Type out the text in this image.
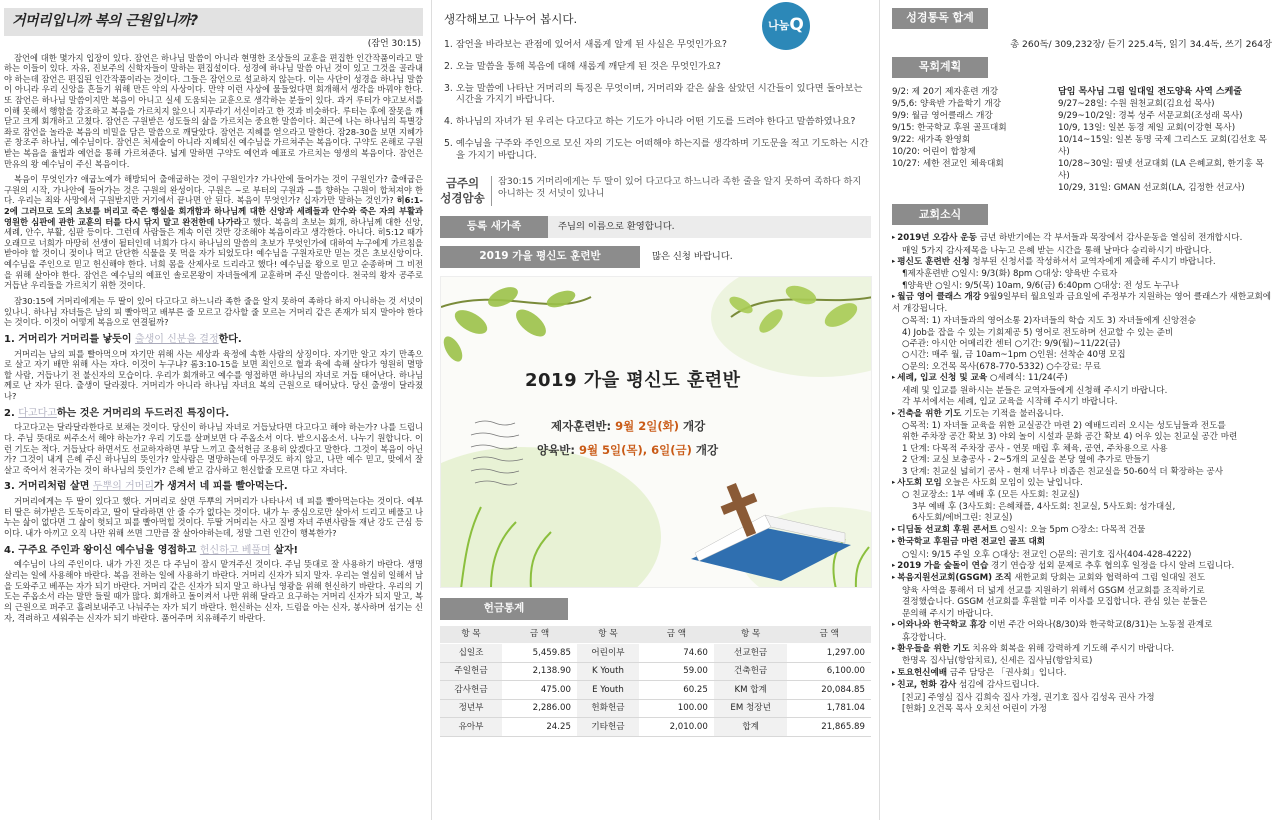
거머리입니까 복의 근원입니까?
(잠언 30:15)

잠언에 대한 몇가지 입장이 있다. 잠언은 하나님 말씀이 아니라 현명한 조상들의 교훈을 편집한 인간작품이라고 말하는 이들이 있다. 자유, 진보주의 신학자들이 말하는 편집설이다. 성경에 하나님 말씀 아닌 것이 있고 그것을 골라내야 하는데 잠언은 편집된 인간작품이라는 것이다. 그들은 잠언으로 설교하지 않는다. 이는 사단이 성경을 하나님 말씀이 아니라 우리 신앙을 흔들기 위해 만든 악의 사상이다. 만약 이런 사상에 물들었다면 회개해서 생각을 바꿔야 한다. 또 잠언은 하나님 말씀이지만 복음이 아니고 실세 도움되는 교훈으로 생각하는 분들이 있다. 과거 루터가 야고보서를 이해 못해서 행함을 강조하고 복음을 가르치지 않으니 지푸라기 서신이라고 한 것과 비슷하다. 루터는 후에 잘못을 깨닫고 크게 회개하고 고쳤다. 잠언은 구원받은 성도들의 삶을 가르치는 중요한 말씀이다. 최근에 나는 하나님의 특별강좌로 잠언을 놀라운 복음의 비밀을 담은 말씀으로 깨달았다. 잠언은 지혜를 얻으라고 말한다. 잠28-30을 보면 지혜가 곧 창조주 하나님, 예수님이다. 잠언은 처세술이 아니라 지혜되신 예수님을 가르쳐주는 복음이다. 구약도 온해로 구원받는 복음을 율법과 예언을 통해 가르쳐준다. 넓게 말하면 구약도 예언과 예표로 가르치는 영생의 복음이다. 잠언은 만유의 왕 예수님이 주신 복음이다.

복음이 무엇인가? 애굽노예가 해방되어 출애굽하는 것이 구원인가? 가나안에 들어가는 것이 구원인가? 출애굽은 구원의 시작, 가나안에 들어가는 것은 구원의 완성이다. 구원은 ~로 부터의 구원과 ~를 향하는 구원이 합쳐져야 한다. 우리는 죄와 사망에서 구원받지만 거기에서 끝나면 안 된다. 복음이 무엇인가? 십자가만 말하는 것인가? 히6:1-2에 그러므로 도의 초보를 버리고 죽은 행실을 회개함과 하나님께 대한 신앙과 세례들과 안수와 죽은 자의 부활과 영원한 심판에 관한 교훈의 터를 다시 닦지 말고 완전한데 나가라고 했다. 복음의 초보는 회개, 하나님께 대한 신앙, 세례, 안수, 부활, 심판 등이다. 그런데 사람들은 계속 이런 것만 강조해야 복음이라고 생각한다. 아니다. 히5:12 때가 오래므로 너희가 마땅히 선생이 될터인데 너희가 다시 하나님의 말씀의 초보가 무엇인가에 대하여 누구에게 가르침을 받아야 할 것이니 젖이나 먹고 단단한 식물을 못 먹을 자가 되었도다! 예수님을 구원자로만 믿는 것은 초보신앙이다. 예수님을 주인으로 믿고 헌신해야 한다. 너희 몸을 산제사로 드리라고 했다! 예수님을 왕으로 믿고 순종하며 그 비전을 위해 살아야 한다. 잠언은 예수님의 예표인 솔로몬왕이 자녀들에게 교훈하며 주신 말씀이다. 천국의 왕자 공주로 거듭난 우리들을 가르치기 위한 것이다.

잠30:15에 거머리에게는 두 딸이 있어 다고다고 하느니라 족한 줄을 알지 못하여 족하다 하지 아니하는 것 서넛이 있나니. 하나님 자녀들은 남의 피 빨아먹고 배부른 줄 모르고 감사할 줄 모르는 거머리 같은 존재가 되지 말아야 한다는 것이다. 이것이 어떻게 복음으로 연결될까?

1. 거머리가 거머리를 낳듯이 출생이 신분을 결정한다.

거머리는 남의 피를 빨아먹으며 자기만 위해 사는 세상과 육정에 속한 사람의 상징이다. 자기만 알고 자기 만족으로 살고 자기 배만 위해 사는 자다. 이것이 누구냐? 롬3:10-15을 보면 죄인으로 혈과 육에 속해 살다가 영원히 멸망할 사람, 거듭나기 전 불신자의 모습이다. 우리가 회개하고 예수를 영접하면 하나님의 자녀로 거듭 태어난다. 하나님께로 난 자가 된다. 출생이 달라졌다. 거머리가 아니라 하나님 자녀요 복의 근원으로 태어났다. 당신 출생이 달라졌나?

2. 다고다고하는 것은 거머리의 두드러진 특징이다.

다고다고는 달라달라한다로 보채는 것이다. 당신이 하나님 자녀로 거듭났다면 다고다고 해야 하는가? 나를 드립니다. 주님 뜻대로 써주소서 해야 하는가? 우리 기도를 살펴보면 다 주옵소서 이다. 받으시옵소서. 나누기 원합니다. 이런 기도는 적다. 거듭났다 하면서도 선교하자하면 부담 느끼고 출석헌금 조용히 앉겠다고 말한다. 그것이 복음이 아닌가? 그것이 내게 은혜 주신 하나님의 뜻인가? 앞사람은 멸망하는데 아무것도 하지 않고, 나만 예수 믿고, 맞에서 잘 살고 죽어서 천국가는 것이 하나님의 뜻인가? 은혜 받고 감사하고 헌신할줄 모르면 다고 자녀다.

3. 거머리처럼 살면 두뿌의 거머리가 생겨서 네 피를 빨아먹는다.

거머리에게는 두 딸이 있다고 했다. 거머리로 살면 두뿌의 거머리가 나타나서 네 피를 빨아먹는다는 것이다. 예부터 딸은 허가받은 도둑이라고, 딸이 달라하면 안 줄 수가 없다는 것이다. 내가 누 중심으로만 살아서 드리고 베풀고 나누는 삶이 없다면 그 삶이 헛되고 피를 빨아먹힐 것이다. 두딸 거머리는 사고 질병 자녀 주변사람들 재난 강도 근심 등이다. 내가 아끼고 오직 나만 위해 쓰면 그만큼 잘 살아야하는데, 정말 그런 인간이 행복한가?

4. 구주요 주인과 왕이신 예수님을 영접하고 헌신하고 베풀며 살자!

예수님이 나의 주인이다. 내가 가진 것은 다 주님이 잠시 맡겨주신 것이다. 주님 뜻대로 잘 사용하기 바란다. 생명 살리는 일에 사용해야 바란다. 복음 전하는 일에 사용하기 바란다. 거머리 신자가 되지 말자. 우리는 열심히 일해서 남을 도와주고 베푸는 자가 되기 바란다. 거머리 같은 신자가 되지 말고 하나님 영광을 위해 헌신하기 바란다. 우리의 기도는 주옵소서 라는 말만 들릴 때가 많다. 회개하고 돌이켜서 나만 위해 달라고 요구하는 거머리 신자가 되지 말고, 복의 근원으로 퍼주고 흘려보내주고 나눠주는 자가 되기 바란다. 헌신하는 신자, 드림을 아는 신자, 봉사하며 섬기는 신자, 격려하고 세워주는 신자가 되기 바란다. 품어주며 치유해주기 바란다.

나눔 Q
생각해보고 나누어 봅시다.
1. 잠언을 바라보는 관점에 있어서 새롭게 알게 된 사실은 무엇인가요?
2. 오늘 말씀을 통해 복음에 대해 새롭게 깨닫게 된 것은 무엇인가요?
3. 오늘 말씀에 나타난 거머리의 특징은 무엇이며, 거머리와 같은 삶을 살았던 시간들이 있다면 돌아보는 시간을 가지기 바랍니다.
4. 하나님의 자녀가 된 우리는 다고다고 하는 기도가 아니라 어떤 기도를 드려야 한다고 말씀하였나요?
5. 예수님을 구주와 주인으로 모신 자의 기도는 어떠해야 하는지를 생각하며 기도문을 적고 기도하는 시간을 가지기 바랍니다.
금주의
성경암송
잠30:15 거머리에게는 두 딸이 있어 다고다고 하느니라 족한 줄을 알지 못하여 족하다 하지 아니하는 것 서넛이 있나니
등록 새가족	주님의 이름으로 환영합니다.
2019 가을 평신도 훈련반	많은 신청 바랍니다.
2019 가을 평신도 훈련반
제자훈련반: 9월 2일(화) 개강
양육반: 9월 5일(목), 6일(금) 개강
헌금통계
항 목	금 액	항 목	금 액	항 목	금 액
십일조	5,459.85	어린이부	74.60	선교헌금	1,297.00
주일헌금	2,138.90	K Youth	59.00	건축헌금	6,100.00
감사헌금	475.00	E Youth	60.25	KM 합계	20,084.85
정년부	2,286.00	헌화헌금	100.00	EM 청장년	1,781.04
유아부	24.25	기타헌금	2,010.00	합계	21,865.89
성경통독 합계
총 260독/ 309,232장/ 듣기 225.4독, 읽기 34.4독, 쓰기 264장
목회계획
9/2: 제 20기 제자훈련 개강
9/5,6: 양육반 가을학기 개강
9/9: 월금 영어클래스 개강
9/15: 한국학교 후원 골프대회
9/22: 새가족 환영회
10/20: 어린이 합창제
10/27: 세한 전교인 체육대회
담임 목사님 그림 일대일 전도양육 사역 스케줄
9/27~28일: 수원 원천교회(김요섭 목사)
9/29~10/2일: 경북 성주 서문교회(조성래 목사)
10/9, 13일: 일본 동경 제일 교회(이강현 목사)
10/14~15일: 일본 동명 국제 그리스도 교회(김선호 목사)
10/28~30일: 필넷 선교대회 (LA 은혜교회, 한기홍 목사)
10/29, 31일: GMAN 선교회(LA, 김정한 선교사)
교회소식
▸ 2019년 오감사 운동 금년 하반기에는 각 부서들과 목장에서 감사운동을 열심히 전개합시다.
매일 5가지 감사제목을 나누고 은혜 받는 시간을 통해 날마다 승리하시기 바랍니다.
▸ 평신도 훈련반 신청 청부된 신청서를 작성하셔서 교역자에게 제출해 주시기 바랍니다.
¶제자훈련반 ○일시: 9/3(화) 8pm ○대상: 양육반 수료자
¶양육반 ○일시: 9/5(목) 10am, 9/6(금) 6:40pm ○대상: 전 성도 누구나
▸ 월금 영어 클래스 개강 9월9일부터 월요일과 금요일에 주정부가 지원하는 영어 클래스가 새한교회에서 개강됩니다.
○목적: 1) 자녀들과의 영어소통 2)자녀들의 학습 지도 3) 자녀들에게 신앙전승
4) Job을 잡을 수 있는 기회제공 5) 영어로 전도하며 선교할 수 있는 준비
○주관: 아시안 어메리칸 센터 ○기간: 9/9(월)~11/22(금)
○시간: 매주 월, 금 10am~1pm ○인원: 선착순 40명 모집
○문의: 오건목 목사(678-770-5332) ○수강료: 무료
▸ 세례, 입교 신청 및 교육 ○세례식: 11/24(주)
세례 및 입교를 원하시는 분들은 교역자들에게 신청해 주시기 바랍니다.
각 부서에서는 세례, 입교 교육을 시작해 주시기 바랍니다.
▸ 건축을 위한 기도 기도는 기적을 불러옵니다.
○목적: 1) 자녀들 교육을 위한 교실공간 마련 2) 예배드리러 오시는 성도님들과 전도를
위한 주차장 공간 확보 3) 야외 놀이 시설과 문화 공간 확보 4) 어우 있는 친교실 공간 마련
1 단계: 다목적 주차장 공사 - 연못 매립 후 체육, 공연, 주차용으로 사용
2 단계: 교실 보충공사 - 2~5개의 교실을 본당 옆에 추가로 만들기
3 단계: 친교실 넓히기 공사 - 현재 너무나 비좁은 친교실을 50-60석 더 확장하는 공사
▸ 사도회 모임 오늘은 사도회 모임이 있는 날입니다.
○ 친교장소: 1부 예배 후 (모든 사도회: 친교실)
3부 예배 후 (3사도회: 은혜채플, 4사도회: 친교실, 5사도회: 성가대실,
6사도회/에버그린: 친교실)
▸ 디딤돌 선교회 후원 콘서트 ○일시: 오늘 5pm ○장소: 다목적 건물
▸ 한국학교 후원금 마련 전교인 골프 대회
○일시: 9/15 주일 오후 ○대상: 전교인 ○문의: 권기호 집사(404-428-4222)
▸ 2019 가을 숲돌이 연습 경기 연습장 섭외 문제로 추후 협의후 일정을 다시 알려 드립니다.
▸ 복음지원선교회(GSGM) 조직 새한교회 당회는 교회와 협력하여 그림 일대일 전도
양육 사역을 통해서 더 넓게 선교를 지원하기 위해서 GSGM 선교회를 조직하기로
결정했습니다. GSGM 선교회를 후원할 미주 이사를 모집합니다. 관심 있는 분들은
문의해 주시기 바랍니다.
▸ 어와나와 한국학교 휴강 이번 주간 어와나(8/30)와 한국학교(8/31)는 노동절 관계로
휴강합니다.
▸ 환우들을 위한 기도 치유와 회복을 위해 강력하게 기도해 주시기 바랍니다.
한명옥 집사님(항암치료), 신세은 집사님(항암치료)
▸ 토요헌신예배 금주 담당은 「권사회」입니다.
▸ 친교, 헌화 감사 섬김에 감사드립니다.
[친교] 주영심 집사 김희숙 집사 가정, 권기호 집사 김성옥 권사 가정
[헌화] 오건목 목사 오치선 어린이 가정
